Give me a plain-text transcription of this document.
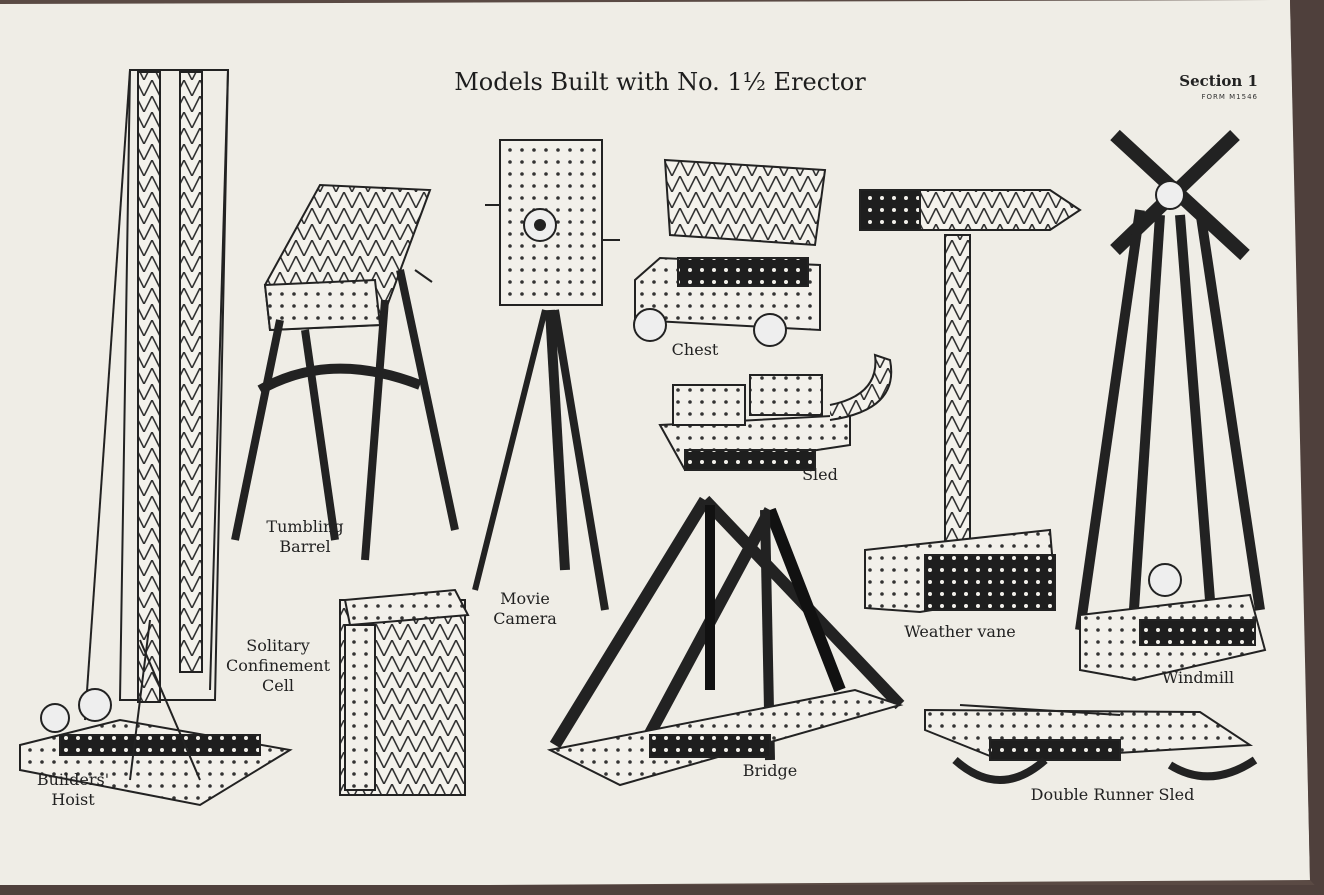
Models Built with No. 1½ Erector	Section 1
FORM M1546
Builders'
Hoist
Tumbling
Barrel
Movie
Camera
Chest
Sled
Weather vane
Windmill
Solitary
Confinement
Cell
Bridge
Double Runner Sled
